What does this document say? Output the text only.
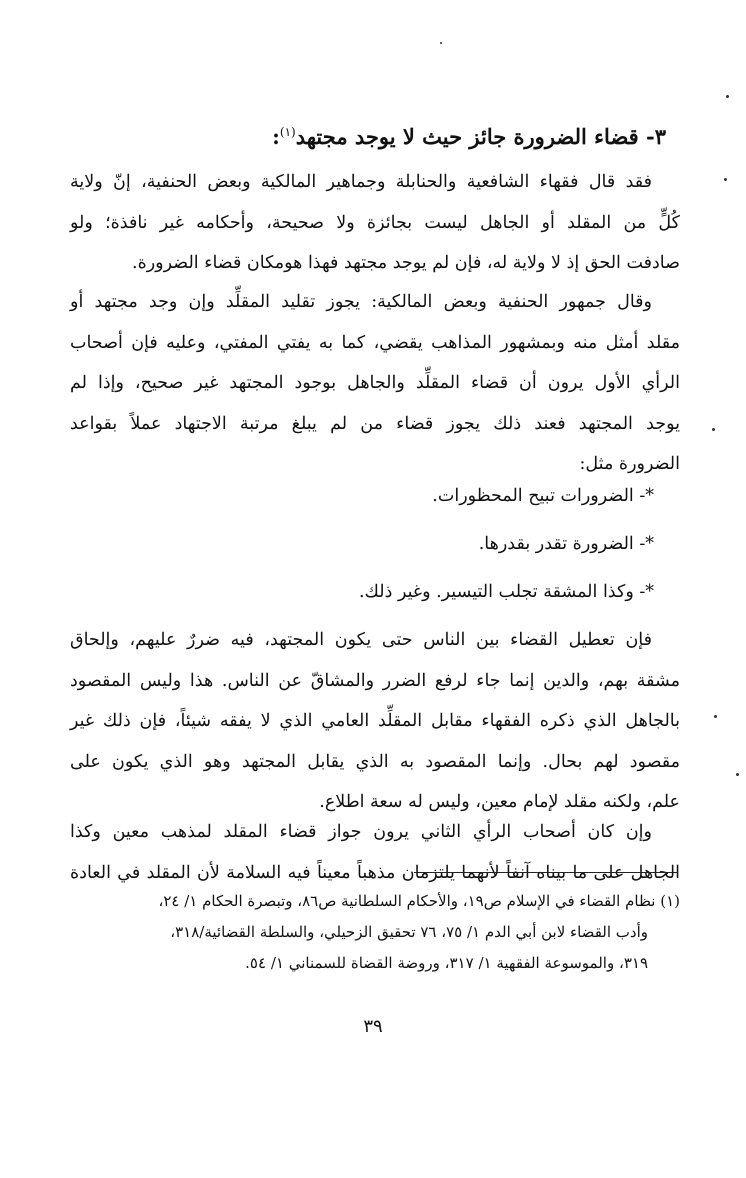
٣- قضاء الضرورة جائز حيث لا يوجد مجتهد$^{(١)}$:
فقد قال فقهاء الشافعية والحنابلة وجماهير المالكية وبعض الحنفية، إنّ ولاية
كُلٍّ من المقلد أو الجاهل ليست بجائزة ولا صحيحة، وأحكامه غير نافذة؛ ولو
صادفت الحق إذ لا ولاية له، فإن لم يوجد مجتهد فهذا هومكان قضاء الضرورة.
وقال جمهور الحنفية وبعض المالكية: يجوز تقليد المقلِّد وإن وجد مجتهد أو
مقلد أمثل منه وبمشهور المذاهب يقضي، كما به يفتي المفتي، وعليه فإن أصحاب
الرأي الأول يرون أن قضاء المقلِّد والجاهل بوجود المجتهد غير صحيح، وإذا لم
يوجد المجتهد فعند ذلك يجوز قضاء من لم يبلغ مرتبة الاجتهاد عملاً بقواعد
الضرورة مثل:
*- الضرورات تبيح المحظورات.
*- الضرورة تقدر بقدرها.
*- وكذا المشقة تجلب التيسير. وغير ذلك.
فإن تعطيل القضاء بين الناس حتى يكون المجتهد، فيه ضررٌ عليهم، وإلحاق
مشقة بهم، والدين إنما جاء لرفع الضرر والمشاقّ عن الناس. هذا وليس المقصود
بالجاهل الذي ذكره الفقهاء مقابل المقلِّد العامي الذي لا يفقه شيئاً، فإن ذلك غير
مقصود لهم بحال. وإنما المقصود به الذي يقابل المجتهد وهو الذي يكون على
علم، ولكنه مقلد لإمام معين، وليس له سعة اطلاع.
وإن كان أصحاب الرأي الثاني يرون جواز قضاء المقلد لمذهب معين وكذا
الجاهل على ما بيناه آنفاً لأنهما يلتزمان مذهباً معيناً فيه السلامة لأن المقلد في العادة
(١) نظام القضاء في الإسلام ص١٩، والأحكام السلطانية ص٨٦، وتبصرة الحكام ١/ ٢٤،
وأدب القضاء لابن أبي الدم ١/ ٧٥، ٧٦ تحقيق الزحيلي، والسلطة القضائية/٣١٨،
٣١٩، والموسوعة الفقهية ١/ ٣١٧، وروضة القضاة للسمناني ١/ ٥٤.
٣٩
